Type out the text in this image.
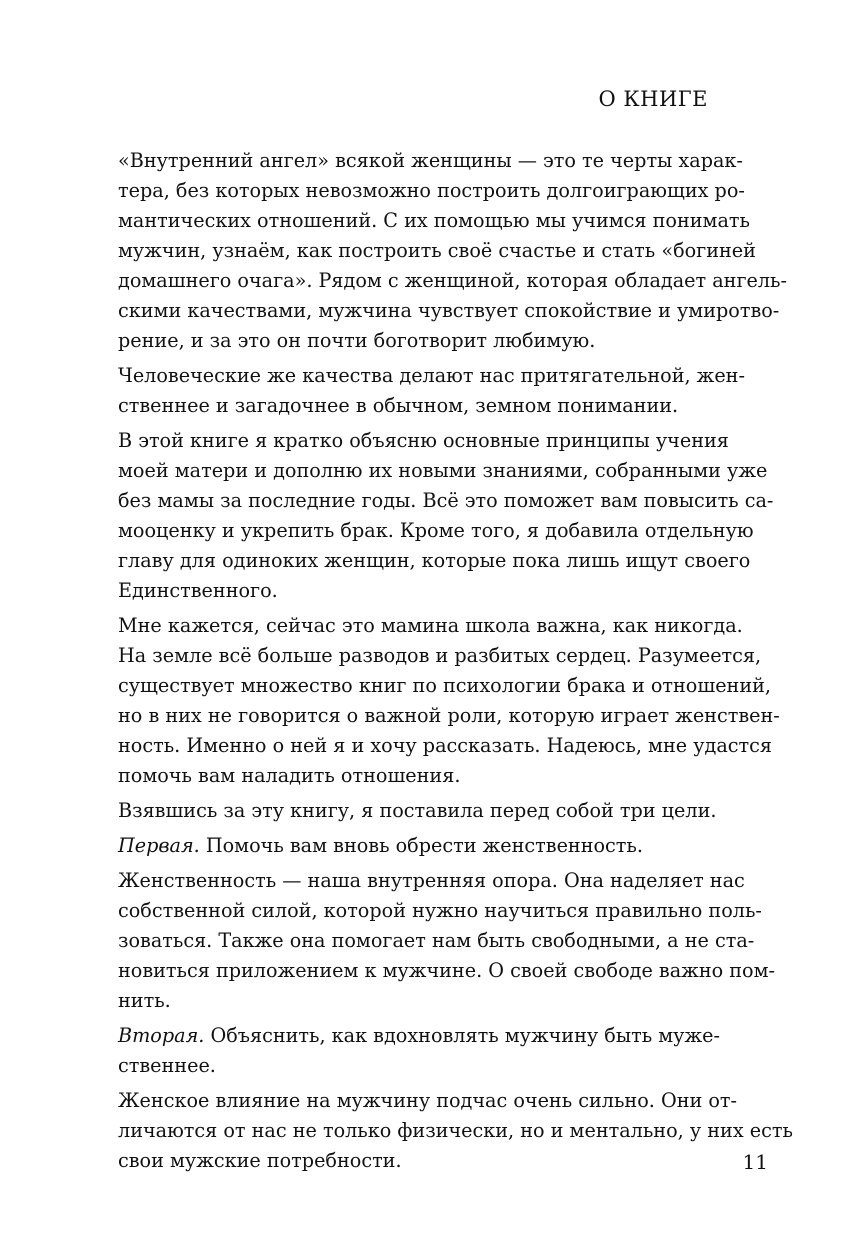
О КНИГЕ
«Внутренний ангел» всякой женщины — это те черты харак-
тера, без которых невозможно построить долгоиграющих ро-
мантических отношений. С их помощью мы учимся понимать
мужчин, узнаём, как построить своё счастье и стать «богиней
домашнего очага». Рядом с женщиной, которая обладает ангель-
скими качествами, мужчина чувствует спокойствие и умиротво-
рение, и за это он почти боготворит любимую.
Человеческие же качества делают нас притягательной, жен-
ственнее и загадочнее в обычном, земном понимании.
В этой книге я кратко объясню основные принципы учения
моей матери и дополню их новыми знаниями, собранными уже
без мамы за последние годы. Всё это поможет вам повысить са-
мооценку и укрепить брак. Кроме того, я добавила отдельную
главу для одиноких женщин, которые пока лишь ищут своего
Единственного.
Мне кажется, сейчас это мамина школа важна, как никогда.
На земле всё больше разводов и разбитых сердец. Разумеется,
существует множество книг по психологии брака и отношений,
но в них не говорится о важной роли, которую играет женствен-
ность. Именно о ней я и хочу рассказать. Надеюсь, мне удастся
помочь вам наладить отношения.
Взявшись за эту книгу, я поставила перед собой три цели.
Первая. Помочь вам вновь обрести женственность.
Женственность — наша внутренняя опора. Она наделяет нас
собственной силой, которой нужно научиться правильно поль-
зоваться. Также она помогает нам быть свободными, а не ста-
новиться приложением к мужчине. О своей свободе важно пом-
нить.
Вторая. Объяснить, как вдохновлять мужчину быть муже-
ственнее.
Женское влияние на мужчину подчас очень сильно. Они от-
личаются от нас не только физически, но и ментально, у них есть
свои мужские потребности.	11
